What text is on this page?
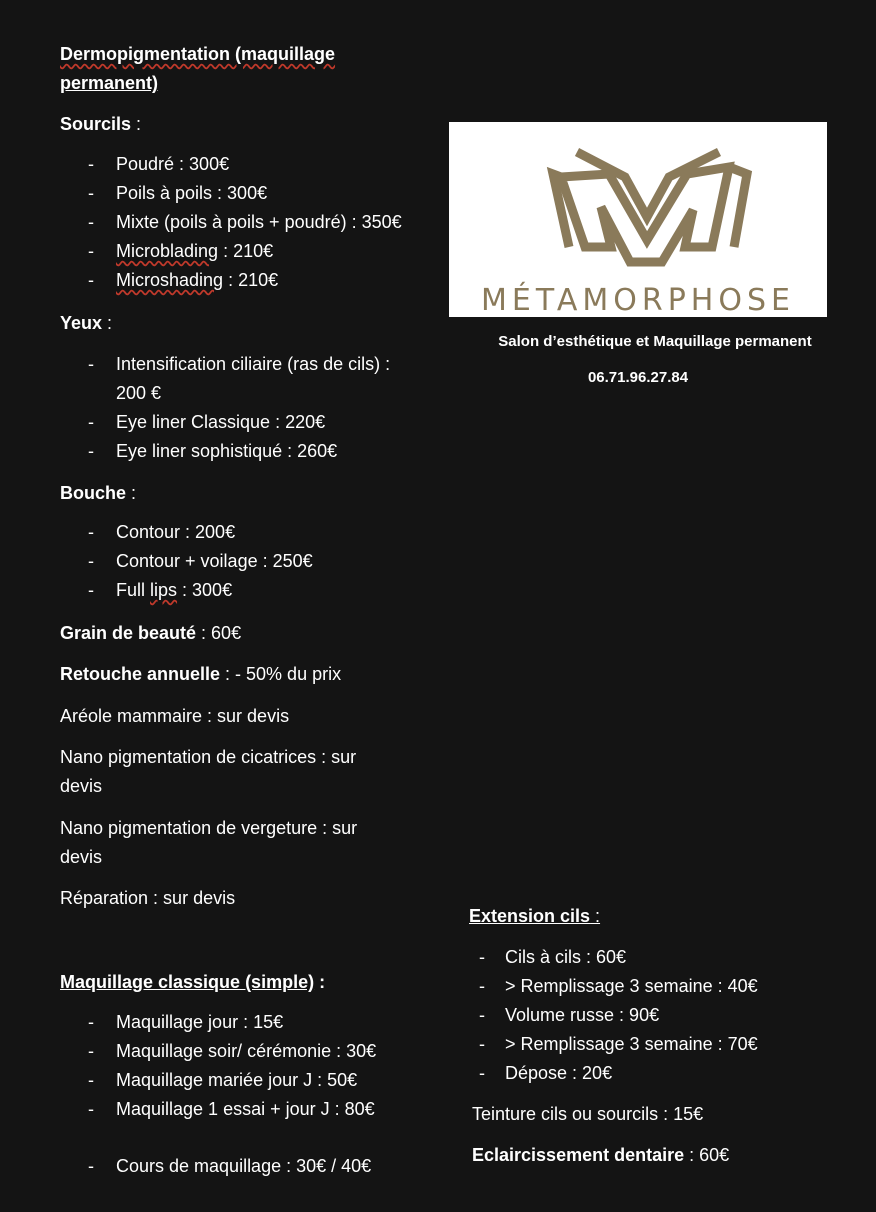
Dermopigmentation (maquillage
permanent)
Sourcils :
- Poudré : 300€
- Poils à poils : 300€
- Mixte (poils à poils + poudré) : 350€
- Microblading : 210€
- Microshading : 210€
Yeux :
- Intensification ciliaire (ras de cils) :
200 €
- Eye liner Classique : 220€
- Eye liner sophistiqué : 260€
Bouche :
- Contour : 200€
- Contour + voilage : 250€
- Full lips : 300€
Grain de beauté : 60€
Retouche annuelle : - 50% du prix
Aréole mammaire : sur devis
Nano pigmentation de cicatrices : sur
devis
Nano pigmentation de vergeture : sur
devis
Réparation : sur devis
Maquillage classique (simple) :
- Maquillage jour : 15€
- Maquillage soir/ cérémonie : 30€
- Maquillage mariée jour J : 50€
- Maquillage 1 essai + jour J : 80€
- Cours de maquillage : 30€ / 40€
MÉTAMORPHOSE
Salon d’esthétique et Maquillage permanent
06.71.96.27.84
Extension cils :
- Cils à cils : 60€
- > Remplissage 3 semaine : 40€
- Volume russe : 90€
- > Remplissage 3 semaine : 70€
- Dépose : 20€
Teinture cils ou sourcils : 15€
Eclaircissement dentaire : 60€
